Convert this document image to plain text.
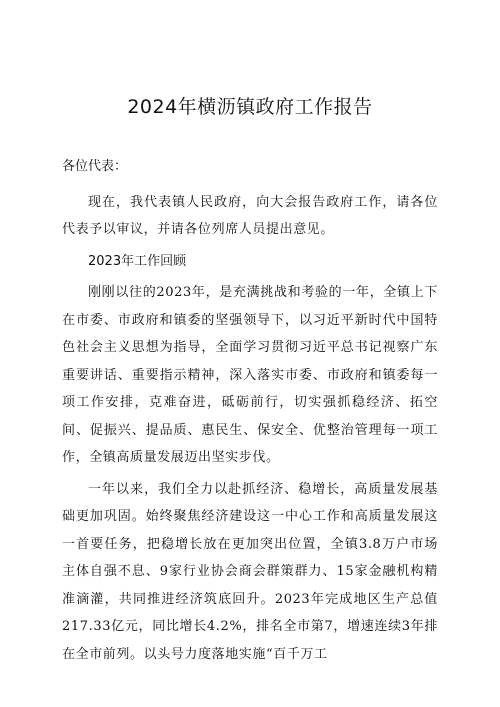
2024年横沥镇政府工作报告

各位代表：

现在，我代表镇人民政府，向大会报告政府工作，请各位代表予以审议，并请各位列席人员提出意见。

2023年工作回顾

刚刚以往的2023年，是充满挑战和考验的一年，全镇上下在市委、市政府和镇委的坚强领导下，以习近平新时代中国特色社会主义思想为指导，全面学习贯彻习近平总书记视察广东重要讲话、重要指示精神，深入落实市委、市政府和镇委每一项工作安排，克难奋进，砥砺前行，切实强抓稳经济、拓空间、促振兴、提品质、惠民生、保安全、优整治管理每一项工作，全镇高质量发展迈出坚实步伐。

一年以来，我们全力以赴抓经济、稳增长，高质量发展基础更加巩固。始终聚焦经济建设这一中心工作和高质量发展这一首要任务，把稳增长放在更加突出位置，全镇3.8万户市场主体自强不息、9家行业协会商会群策群力、15家金融机构精准滴灌，共同推进经济筑底回升。2023年完成地区生产总值217.33亿元，同比增长4.2%，排名全市第7，增速连续3年排在全市前列。以头号力度落地实施“百千万工
